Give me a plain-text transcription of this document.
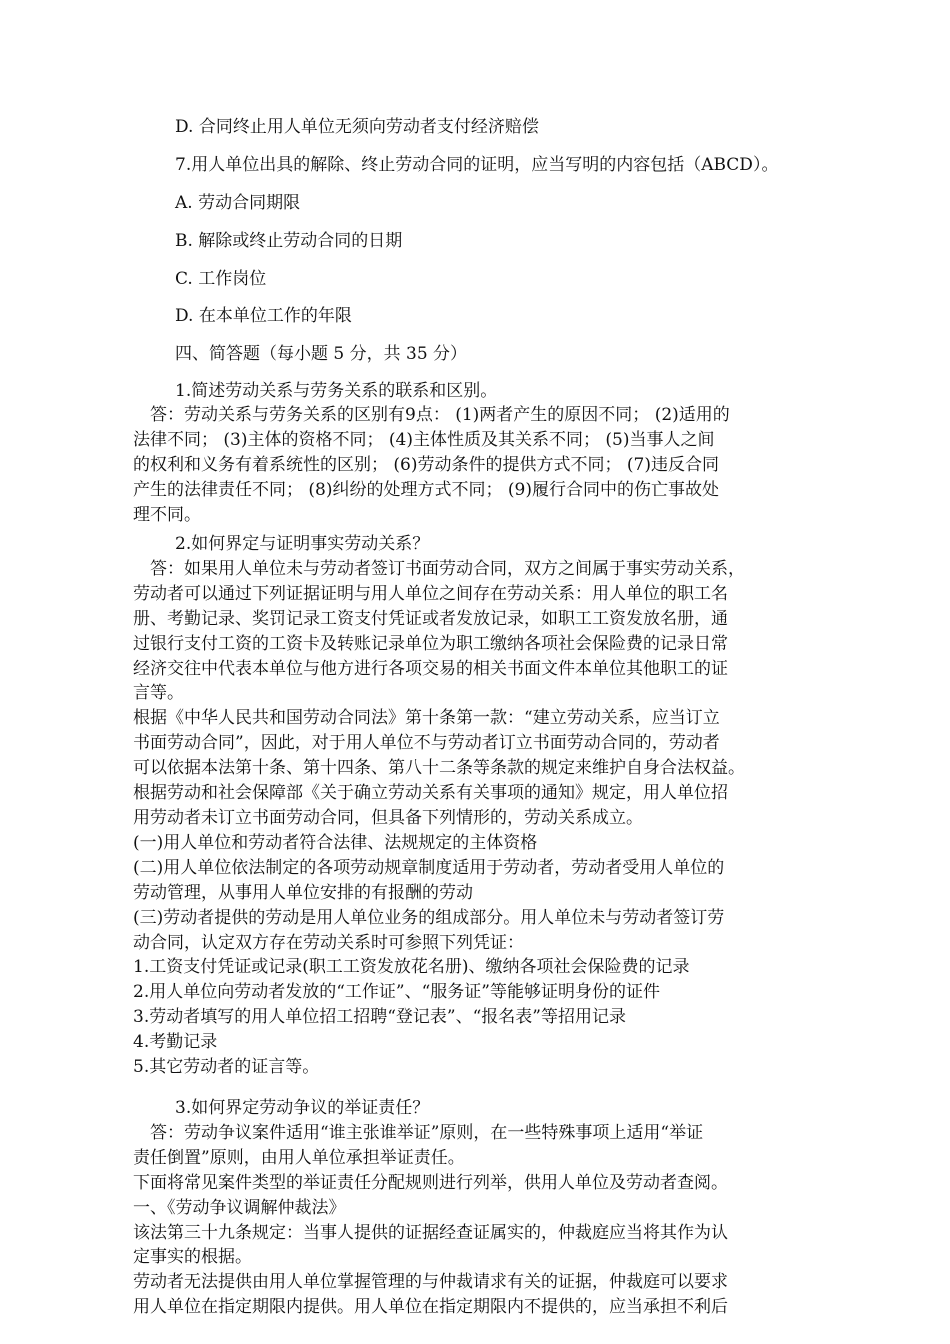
D. 合同终止用人单位无须向劳动者支付经济赔偿

7.用人单位出具的解除、终止劳动合同的证明，应当写明的内容包括（ABCD）。

A. 劳动合同期限

B. 解除或终止劳动合同的日期

C. 工作岗位

D. 在本单位工作的年限

四、简答题（每小题 5 分，共 35 分）

1.简述劳动关系与劳务关系的联系和区别。

答：劳动关系与劳务关系的区别有9点： (1)两者产生的原因不同； (2)适用的

法律不同； (3)主体的资格不同； (4)主体性质及其关系不同； (5)当事人之间

的权利和义务有着系统性的区别； (6)劳动条件的提供方式不同； (7)违反合同

产生的法律责任不同； (8)纠纷的处理方式不同； (9)履行合同中的伤亡事故处

理不同。

2.如何界定与证明事实劳动关系？

答：如果用人单位未与劳动者签订书面劳动合同，双方之间属于事实劳动关系，

劳动者可以通过下列证据证明与用人单位之间存在劳动关系：用人单位的职工名

册、考勤记录、奖罚记录工资支付凭证或者发放记录，如职工工资发放名册，通

过银行支付工资的工资卡及转账记录单位为职工缴纳各项社会保险费的记录日常

经济交往中代表本单位与他方进行各项交易的相关书面文件本单位其他职工的证

言等。

根据《中华人民共和国劳动合同法》第十条第一款：“建立劳动关系，应当订立

书面劳动合同”，因此，对于用人单位不与劳动者订立书面劳动合同的，劳动者

可以依据本法第十条、第十四条、第八十二条等条款的规定来维护自身合法权益。

根据劳动和社会保障部《关于确立劳动关系有关事项的通知》规定，用人单位招

用劳动者未订立书面劳动合同，但具备下列情形的，劳动关系成立。

(一)用人单位和劳动者符合法律、法规规定的主体资格

(二)用人单位依法制定的各项劳动规章制度适用于劳动者，劳动者受用人单位的

劳动管理，从事用人单位安排的有报酬的劳动

(三)劳动者提供的劳动是用人单位业务的组成部分。用人单位未与劳动者签订劳

动合同，认定双方存在劳动关系时可参照下列凭证：

1.工资支付凭证或记录(职工工资发放花名册)、缴纳各项社会保险费的记录

2.用人单位向劳动者发放的“工作证”、“服务证”等能够证明身份的证件

3.劳动者填写的用人单位招工招聘“登记表”、“报名表”等招用记录

4.考勤记录

5.其它劳动者的证言等。

3.如何界定劳动争议的举证责任？

答：劳动争议案件适用“谁主张谁举证”原则，在一些特殊事项上适用“举证

责任倒置”原则，由用人单位承担举证责任。

下面将常见案件类型的举证责任分配规则进行列举，供用人单位及劳动者查阅。

一、《劳动争议调解仲裁法》

该法第三十九条规定：当事人提供的证据经查证属实的，仲裁庭应当将其作为认

定事实的根据。

劳动者无法提供由用人单位掌握管理的与仲裁请求有关的证据，仲裁庭可以要求

用人单位在指定期限内提供。用人单位在指定期限内不提供的，应当承担不利后
